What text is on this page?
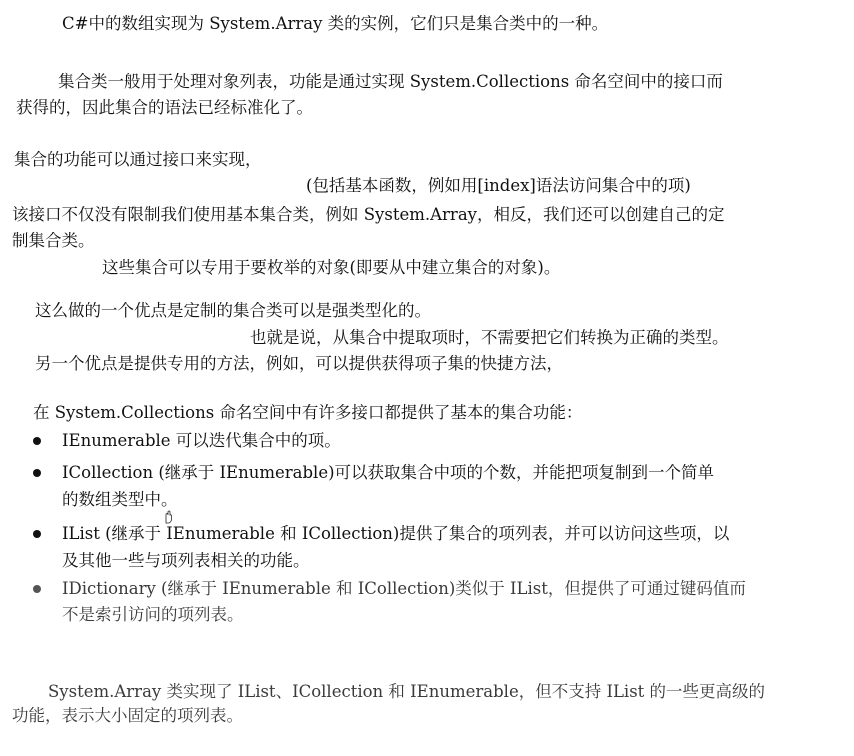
C#中的数组实现为 System.Array 类的实例，它们只是集合类中的一种。
集合类一般用于处理对象列表，功能是通过实现 System.Collections 命名空间中的接口而
获得的，因此集合的语法已经标准化了。
集合的功能可以通过接口来实现，
(包括基本函数，例如用[index]语法访问集合中的项)
该接口不仅没有限制我们使用基本集合类，例如 System.Array，相反，我们还可以创建自己的定
制集合类。
这些集合可以专用于要枚举的对象(即要从中建立集合的对象)。
这么做的一个优点是定制的集合类可以是强类型化的。
也就是说，从集合中提取项时，不需要把它们转换为正确的类型。
另一个优点是提供专用的方法，例如，可以提供获得项子集的快捷方法，
在 System.Collections 命名空间中有许多接口都提供了基本的集合功能：
IEnumerable 可以迭代集合中的项。
ICollection (继承于 IEnumerable)可以获取集合中项的个数，并能把项复制到一个简单
的数组类型中。
IList (继承于 IEnumerable 和 ICollection)提供了集合的项列表，并可以访问这些项，以
及其他一些与项列表相关的功能。
IDictionary (继承于 IEnumerable 和 ICollection)类似于 IList，但提供了可通过键码值而
不是索引访问的项列表。
System.Array 类实现了 IList、ICollection 和 IEnumerable，但不支持 IList 的一些更高级的
功能，表示大小固定的项列表。
